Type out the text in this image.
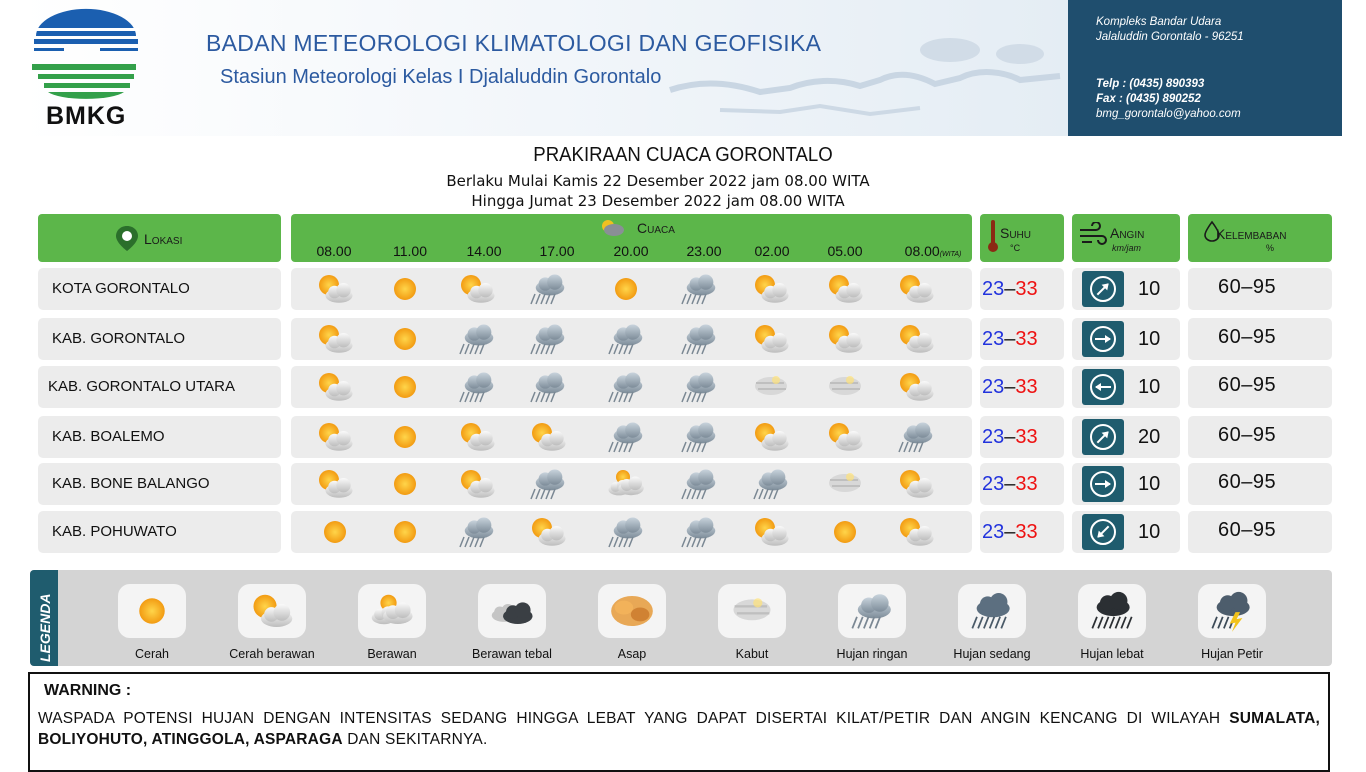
BMKG
BADAN METEOROLOGI KLIMATOLOGI DAN GEOFISIKA
Stasiun Meteorologi Kelas I Djalaluddin Gorontalo
Kompleks Bandar Udara
Jalaluddin Gorontalo - 96251
Telp : (0435) 890393
Fax : (0435) 890252
bmg_gorontalo@yahoo.com
PRAKIRAAN CUACA GORONTALO
Berlaku Mulai Kamis 22 Desember 2022 jam 08.00 WITA
Hingga Jumat 23 Desember 2022 jam 08.00 WITA
Lokasi
Cuaca	Suhu
°C
Angin
km/jam
Kelembaban
%
08.00	11.00	14.00	17.00	20.00	23.00	02.00	05.00	08.00(WITA)
KOTA GORONTALO	23–33	10	60–95
KAB. GORONTALO	23–33	10	60–95
KAB. GORONTALO UTARA	23–33	10	60–95
KAB. BOALEMO	23–33	20	60–95
KAB. BONE BALANGO	23–33	10	60–95
KAB. POHUWATO	23–33	10	60–95
LEGENDA	Cerah	Cerah berawan	Berawan	Berawan tebal	Asap	Kabut	Hujan ringan	Hujan sedang	Hujan lebat	Hujan Petir
WARNING :
WASPADA POTENSI HUJAN DENGAN INTENSITAS SEDANG HINGGA LEBAT YANG DAPAT DISERTAI KILAT/PETIR DAN ANGIN KENCANG DI WILAYAH SUMALATA, BOLIYOHUTO, ATINGGOLA, ASPARAGA DAN SEKITARNYA.
